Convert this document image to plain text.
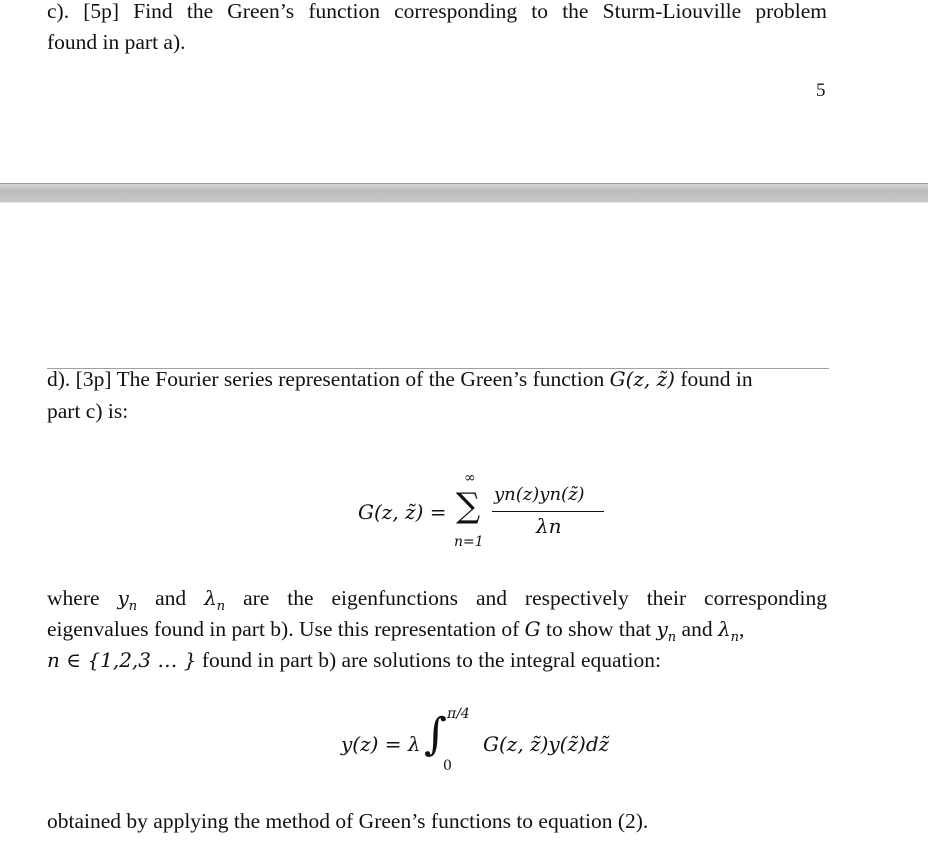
c). [5p] Find the Green’s function corresponding to the Sturm-Liouville problem

found in part a).

5

d). [3p] The Fourier series representation of the Green’s function G(z, z̃) found in

part c) is:

G(z, z̃) =
∞
∑
n=1
yn(z)yn(z̃)
λn

where $y_n$ and $\lambda_n$ are the eigenfunctions and respectively their corresponding

eigenvalues found in part b). Use this representation of G to show that $y_n$ and $\lambda_n$,

n ∈ {1,2,3 … } found in part b) are solutions to the integral equation:

y(z) = λ ∫ π/4
0
G(z, z̃)y(z̃)dz̃

obtained by applying the method of Green’s functions to equation (2).
